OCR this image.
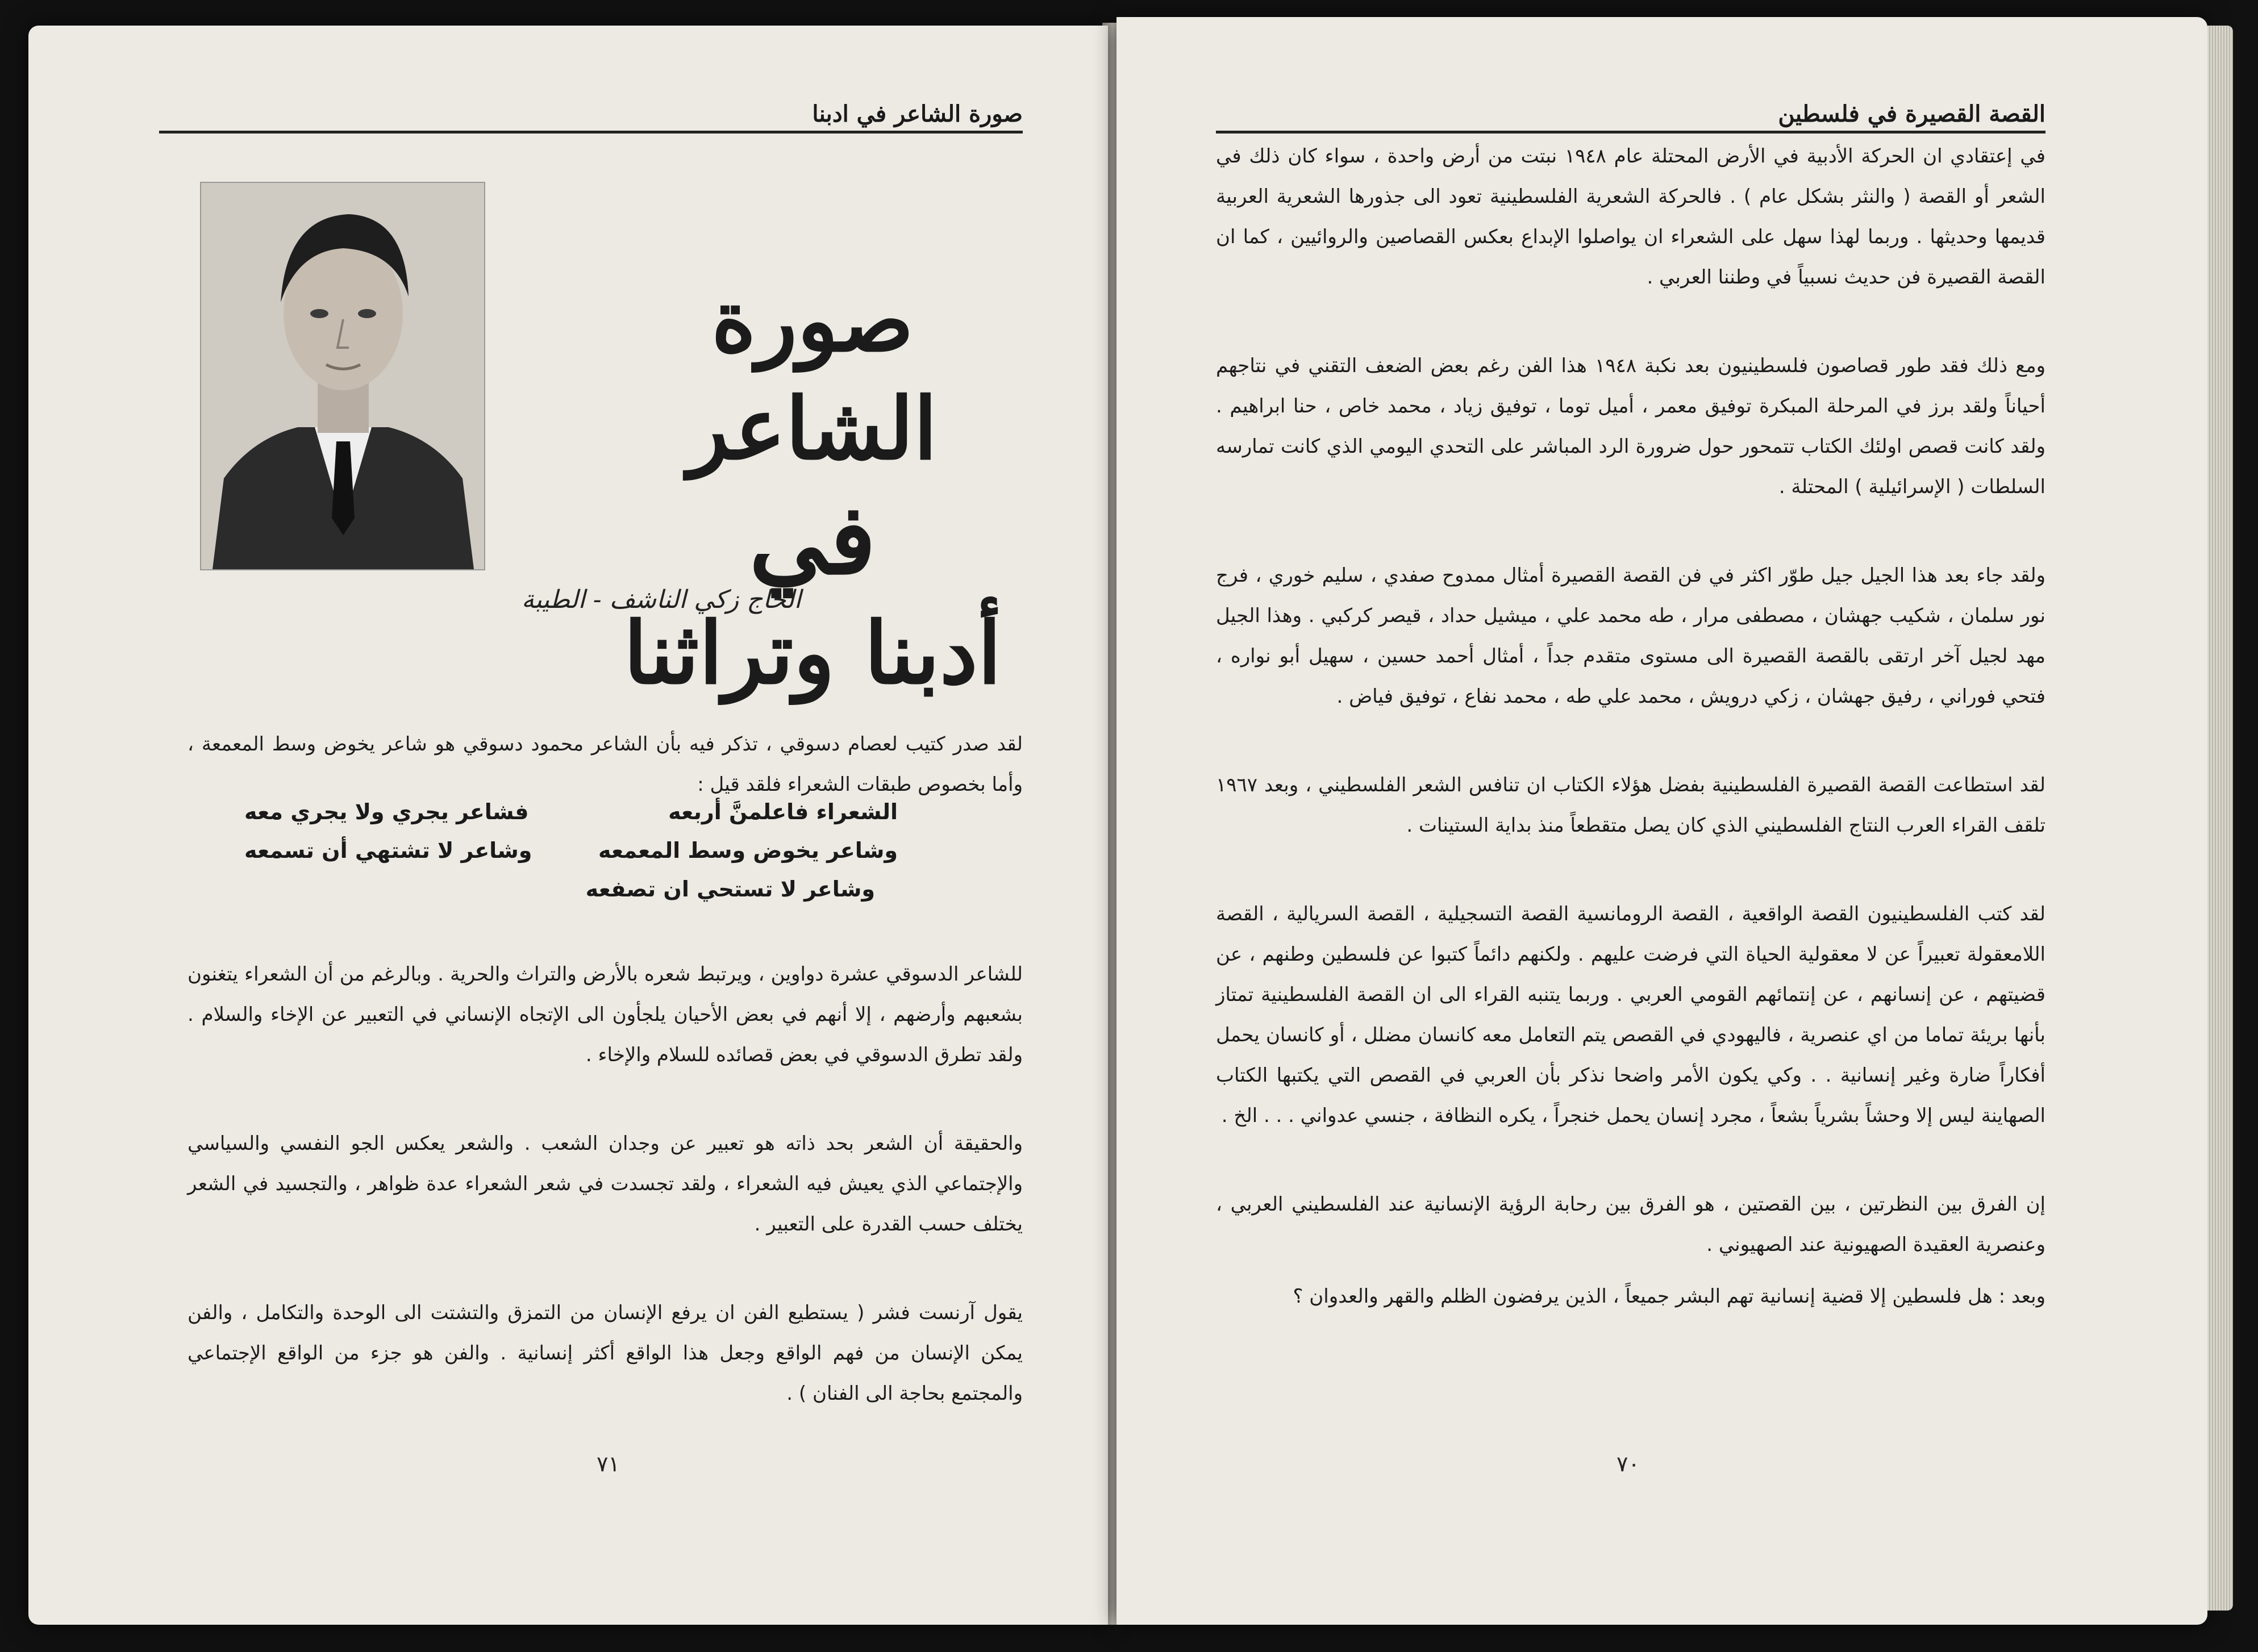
صورة الشاعر في ادبنا
الحاج زكي الناشف - الطيبة
صورة الشاعر
في
أدبنا وتراثنا

لقد صدر كتيب لعصام دسوقي ، تذكر فيه بأن الشاعر محمود دسوقي هو شاعر يخوض وسط المعمعة ، وأما بخصوص طبقات الشعراء فلقد قيل :

الشعراء فاعلمنَّ أربعه
فشاعر يجري ولا يجري معه
وشاعر يخوض وسط المعمعه
وشاعر لا تشتهي أن تسمعه
وشاعر لا تستحي ان تصفعه

للشاعر الدسوقي عشرة دواوين ، ويرتبط شعره بالأرض والتراث والحرية . وبالرغم من أن الشعراء يتغنون بشعبهم وأرضهم ، إلا أنهم في بعض الأحيان يلجأون الى الإتجاه الإنساني في التعبير عن الإخاء والسلام . ولقد تطرق الدسوقي في بعض قصائده للسلام والإخاء .

والحقيقة أن الشعر بحد ذاته هو تعبير عن وجدان الشعب . والشعر يعكس الجو النفسي والسياسي والإجتماعي الذي يعيش فيه الشعراء ، ولقد تجسدت في شعر الشعراء عدة ظواهر ، والتجسيد في الشعر يختلف حسب القدرة على التعبير .

يقول آرنست فشر ( يستطيع الفن ان يرفع الإنسان من التمزق والتشتت الى الوحدة والتكامل ، والفن يمكن الإنسان من فهم الواقع وجعل هذا الواقع أكثر إنسانية . والفن هو جزء من الواقع الإجتماعي والمجتمع بحاجة الى الفنان ) .

٧١
القصة القصيرة في فلسطين

في إعتقادي ان الحركة الأدبية في الأرض المحتلة عام ١٩٤٨ نبتت من أرض واحدة ، سواء كان ذلك في الشعر أو القصة ( والنثر بشكل عام ) . فالحركة الشعرية الفلسطينية تعود الى جذورها الشعرية العربية قديمها وحديثها . وربما لهذا سهل على الشعراء ان يواصلوا الإبداع بعكس القصاصين والروائيين ، كما ان القصة القصيرة فن حديث نسبياً في وطننا العربي .

ومع ذلك فقد طور قصاصون فلسطينيون بعد نكبة ١٩٤٨ هذا الفن رغم بعض الضعف التقني في نتاجهم أحياناً ولقد برز في المرحلة المبكرة توفيق معمر ، أميل توما ، توفيق زياد ، محمد خاص ، حنا ابراهيم . ولقد كانت قصص اولئك الكتاب تتمحور حول ضرورة الرد المباشر على التحدي اليومي الذي كانت تمارسه السلطات ( الإسرائيلية ) المحتلة .

ولقد جاء بعد هذا الجيل جيل طوّر اكثر في فن القصة القصيرة أمثال ممدوح صفدي ، سليم خوري ، فرج نور سلمان ، شكيب جهشان ، مصطفى مرار ، طه محمد علي ، ميشيل حداد ، قيصر كركبي . وهذا الجيل مهد لجيل آخر ارتقى بالقصة القصيرة الى مستوى متقدم جداً ، أمثال أحمد حسين ، سهيل أبو نواره ، فتحي فوراني ، رفيق جهشان ، زكي درويش ، محمد علي طه ، محمد نفاع ، توفيق فياض .

لقد استطاعت القصة القصيرة الفلسطينية بفضل هؤلاء الكتاب ان تنافس الشعر الفلسطيني ، وبعد ١٩٦٧ تلقف القراء العرب النتاج الفلسطيني الذي كان يصل متقطعاً منذ بداية الستينات .

لقد كتب الفلسطينيون القصة الواقعية ، القصة الرومانسية القصة التسجيلية ، القصة السريالية ، القصة اللامعقولة تعبيراً عن لا معقولية الحياة التي فرضت عليهم . ولكنهم دائماً كتبوا عن فلسطين وطنهم ، عن قضيتهم ، عن إنسانهم ، عن إنتمائهم القومي العربي . وربما يتنبه القراء الى ان القصة الفلسطينية تمتاز بأنها بريئة تماما من اي عنصرية ، فاليهودي في القصص يتم التعامل معه كانسان مضلل ، أو كانسان يحمل أفكاراً ضارة وغير إنسانية . . وكي يكون الأمر واضحا نذكر بأن العربي في القصص التي يكتبها الكتاب الصهاينة ليس إلا وحشاً بشرياً بشعاً ، مجرد إنسان يحمل خنجراً ، يكره النظافة ، جنسي عدواني . . . الخ .

إن الفرق بين النظرتين ، بين القصتين ، هو الفرق بين رحابة الرؤية الإنسانية عند الفلسطيني العربي ، وعنصرية العقيدة الصهيونية عند الصهيوني .

وبعد : هل فلسطين إلا قضية إنسانية تهم البشر جميعاً ، الذين يرفضون الظلم والقهر والعدوان ؟

٧٠
